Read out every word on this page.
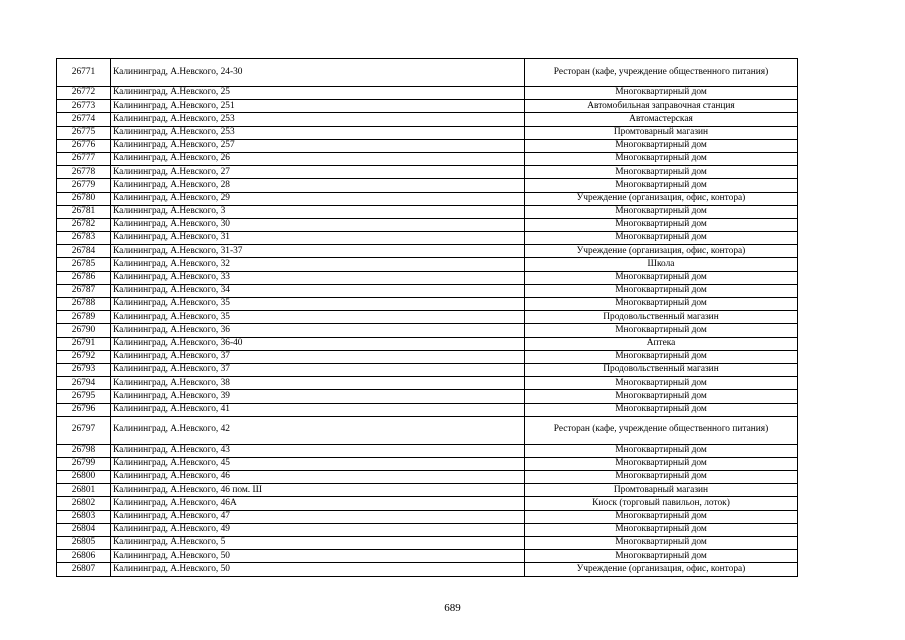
26771	Калининград, А.Невского, 24-30	Ресторан (кафе, учреждение общественного питания)
26772	Калининград, А.Невского, 25	Многоквартирный дом
26773	Калининград, А.Невского, 251	Автомобильная заправочная станция
26774	Калининград, А.Невского, 253	Автомастерская
26775	Калининград, А.Невского, 253	Промтоварный магазин
26776	Калининград, А.Невского, 257	Многоквартирный дом
26777	Калининград, А.Невского, 26	Многоквартирный дом
26778	Калининград, А.Невского, 27	Многоквартирный дом
26779	Калининград, А.Невского, 28	Многоквартирный дом
26780	Калининград, А.Невского, 29	Учреждение (организация, офис, контора)
26781	Калининград, А.Невского, 3	Многоквартирный дом
26782	Калининград, А.Невского, 30	Многоквартирный дом
26783	Калининград, А.Невского, 31	Многоквартирный дом
26784	Калининград, А.Невского, 31-37	Учреждение (организация, офис, контора)
26785	Калининград, А.Невского, 32	Школа
26786	Калининград, А.Невского, 33	Многоквартирный дом
26787	Калининград, А.Невского, 34	Многоквартирный дом
26788	Калининград, А.Невского, 35	Многоквартирный дом
26789	Калининград, А.Невского, 35	Продовольственный магазин
26790	Калининград, А.Невского, 36	Многоквартирный дом
26791	Калининград, А.Невского, 36-40	Аптека
26792	Калининград, А.Невского, 37	Многоквартирный дом
26793	Калининград, А.Невского, 37	Продовольственный магазин
26794	Калининград, А.Невского, 38	Многоквартирный дом
26795	Калининград, А.Невского, 39	Многоквартирный дом
26796	Калининград, А.Невского, 41	Многоквартирный дом
26797	Калининград, А.Невского, 42	Ресторан (кафе, учреждение общественного питания)
26798	Калининград, А.Невского, 43	Многоквартирный дом
26799	Калининград, А.Невского, 45	Многоквартирный дом
26800	Калининград, А.Невского, 46	Многоквартирный дом
26801	Калининград, А.Невского, 46 пом. Ш	Промтоварный магазин
26802	Калининград, А.Невского, 46А	Киоск (торговый павильон, лоток)
26803	Калининград, А.Невского, 47	Многоквартирный дом
26804	Калининград, А.Невского, 49	Многоквартирный дом
26805	Калининград, А.Невского, 5	Многоквартирный дом
26806	Калининград, А.Невского, 50	Многоквартирный дом
26807	Калининград, А.Невского, 50	Учреждение (организация, офис, контора)
689
